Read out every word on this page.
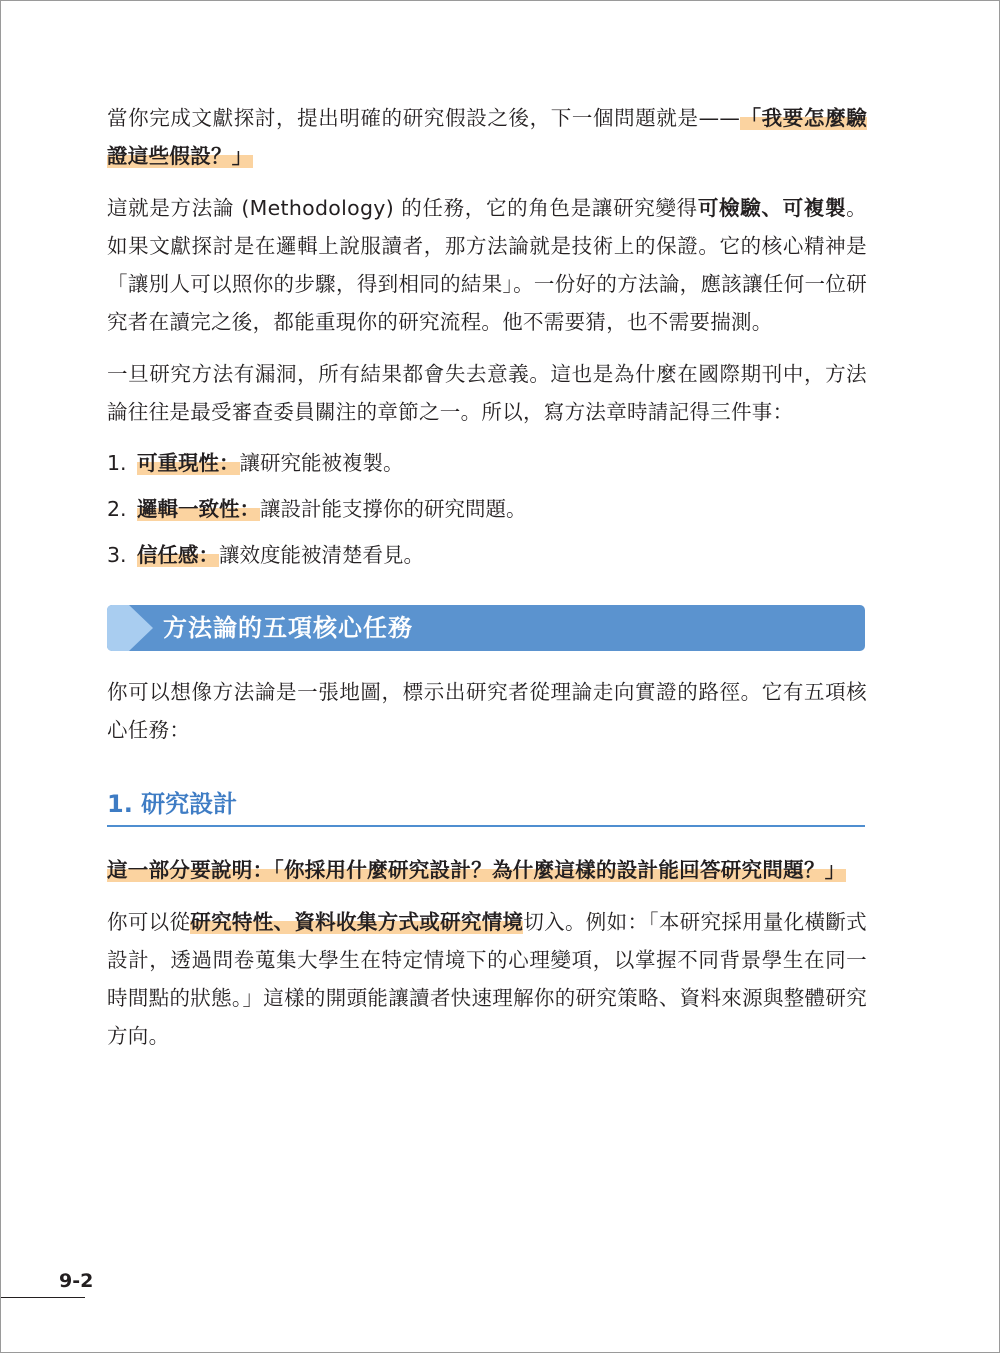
當你完成文獻探討，提出明確的研究假設之後，下一個問題就是——「我要怎麼驗證這些假設？」

這就是方法論 (Methodology) 的任務，它的角色是讓研究變得可檢驗、可複製。如果文獻探討是在邏輯上說服讀者，那方法論就是技術上的保證。它的核心精神是「讓別人可以照你的步驟，得到相同的結果」。一份好的方法論，應該讓任何一位研究者在讀完之後，都能重現你的研究流程。他不需要猜，也不需要揣測。

一旦研究方法有漏洞，所有結果都會失去意義。這也是為什麼在國際期刊中，方法論往往是最受審查委員關注的章節之一。所以，寫方法章時請記得三件事：

1. 可重現性：讓研究能被複製。
2. 邏輯一致性：讓設計能支撐你的研究問題。
3. 信任感：讓效度能被清楚看見。
方法論的五項核心任務

你可以想像方法論是一張地圖，標示出研究者從理論走向實證的路徑。它有五項核心任務：

1. 研究設計

這一部分要說明：「你採用什麼研究設計？為什麼這樣的設計能回答研究問題？」

你可以從研究特性、資料收集方式或研究情境切入。例如：「本研究採用量化橫斷式設計，透過問卷蒐集大學生在特定情境下的心理變項，以掌握不同背景學生在同一時間點的狀態。」這樣的開頭能讓讀者快速理解你的研究策略、資料來源與整體研究方向。

9-2
